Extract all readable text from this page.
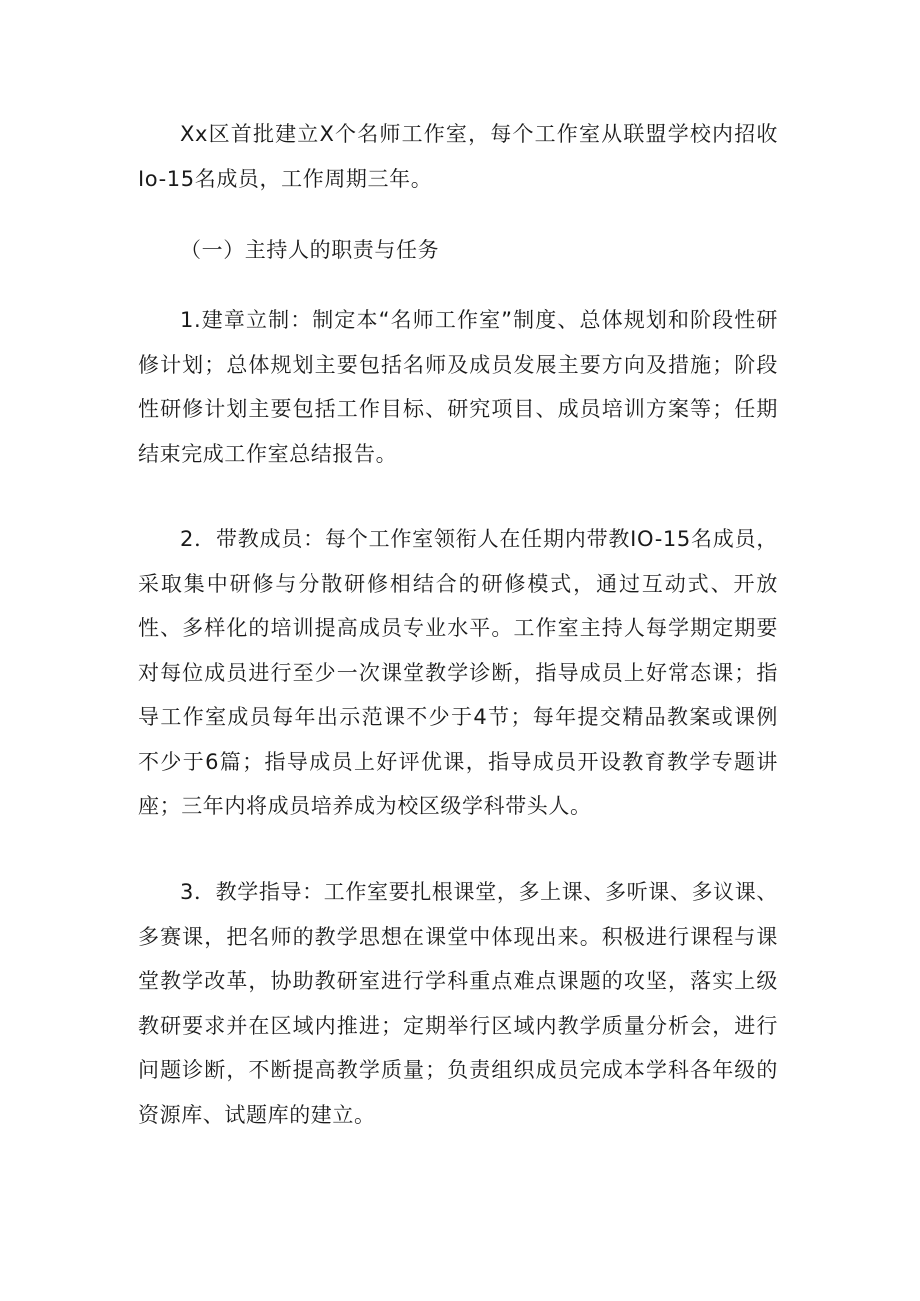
Xx区首批建立X个名师工作室，每个工作室从联盟学校内招收Io-15名成员，工作周期三年。

（一）主持人的职责与任务

1.建章立制：制定本“名师工作室”制度、总体规划和阶段性研修计划；总体规划主要包括名师及成员发展主要方向及措施；阶段性研修计划主要包括工作目标、研究项目、成员培训方案等；任期结束完成工作室总结报告。

2．带教成员：每个工作室领衔人在任期内带教IO-15名成员，采取集中研修与分散研修相结合的研修模式，通过互动式、开放性、多样化的培训提高成员专业水平。工作室主持人每学期定期要对每位成员进行至少一次课堂教学诊断，指导成员上好常态课；指导工作室成员每年出示范课不少于4节；每年提交精品教案或课例不少于6篇；指导成员上好评优课，指导成员开设教育教学专题讲座；三年内将成员培养成为校区级学科带头人。

3．教学指导：工作室要扎根课堂，多上课、多听课、多议课、多赛课，把名师的教学思想在课堂中体现出来。积极进行课程与课堂教学改革，协助教研室进行学科重点难点课题的攻坚，落实上级教研要求并在区域内推进；定期举行区域内教学质量分析会，进行问题诊断，不断提高教学质量；负责组织成员完成本学科各年级的资源库、试题库的建立。
